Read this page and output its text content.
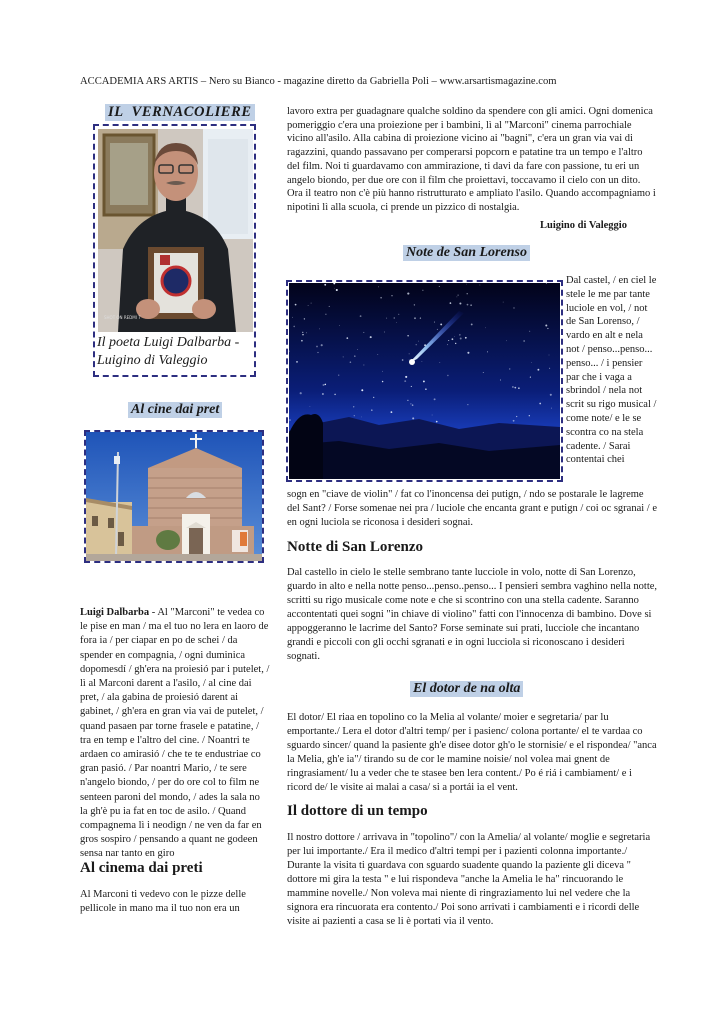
ACCADEMIA ARS ARTIS – Nero su Bianco - magazine diretto da Gabriella Poli – www.arsartismagazine.com
IL  VERNACOLIERE
SHOT ON REDMI 7
Il poeta Luigi Dalbarba -
Luigino di Valeggio
Al cine dai pret

Luigi Dalbarba - Al "Marconi" te vedea co le pise en man / ma el tuo no lera en laoro de fora ia / per ciapar en po de schei / da spender en compagnia, / ogni duminica dopomesdí / gh'era na proiesió par i putelet, / lì al Marconi darent a l'asilo, / al cine dai pret, / ala gabina de proiesió darent ai gabinet, / gh'era en gran via vai de putelet, / quand pasaen par torne frasele e patatine, / tra en temp e l'altro del cine. / Noantri te ardaen co amirasió / che te te endustriae co gran pasió. / Par noantri Mario, / te sere n'angelo biondo, / per do ore col to film ne senteen paroni del mondo, / ades la sala no la gh'è pu ia fat en toc de asilo. / Quand compagnema lì i neodign / ne ven da far en gros sospiro / pensando a quant ne godeen sensa nar tanto en giro

Al cinema dai preti
Al Marconi ti vedevo con le pizze delle pellicole in mano ma il tuo non era un
lavoro extra per guadagnare qualche soldino da spendere con gli amici. Ogni domenica pomeriggio c'era una proiezione per i bambini, lì al "Marconi" cinema parrochiale vicino all'asilo. Alla cabina di proiezione vicino ai "bagni", c'era un gran via vai di ragazzini, quando passavano per comperarsi popcorn e patatine tra un tempo e l'altro del film. Noi ti guardavamo con ammirazione, ti davi da fare con passione, tu eri un angelo biondo, per due ore con il film che proiettavi, toccavamo il cielo con un dito. Ora il teatro non c'è più hanno ristrutturato e ampliato l'asilo. Quando accompagniamo i nipotini lì alla scuola, ci prende un pizzico di nostalgia.
Luigino di Valeggio
Note de San Lorenso
Dal castel, / en ciel le stele le me par tante luciole en vol, / not de San Lorenso, / vardo en alt e nela not / penso...penso... penso... / i pensier par che i vaga a sbrindol / nela not scrit su rigo musical / come note/ e le se scontra co na stela cadente. / Sarai contentai chei
sogn en "ciave de violin" / fat co l'inoncensa dei putign, / ndo se postarale le lagreme del Sant? / Forse somenae nei pra / luciole che encanta grant e putign / coi oc sgranai / e en ogni luciola se riconosa i desideri sognai.
Notte di San Lorenzo
Dal castello in cielo le stelle sembrano tante lucciole in volo, notte di San Lorenzo, guardo in alto e nella notte penso...penso..penso... I pensieri sembra vaghino nella notte, scritti su rigo musicale come note e che si scontrino con una stella cadente. Saranno accontentati quei sogni "in chiave di violino" fatti con l'innocenza di bambino. Dove si appoggeranno le lacrime del Santo? Forse seminate sui prati, lucciole che incantano grandi e piccoli con gli occhi sgranati e in ogni lucciola si riconoscano i desideri sognati.
El dotor de na olta
El dotor/ El riaa en topolino co la Melia al volante/ moier e segretaria/ par lu emportante./ Lera el dotor d'altri temp/ per i pasienc/ colona portante/ el te vardaa co sguardo sincer/ quand la pasiente gh'e disee dotor gh'o le stornisie/ e el rispondea/ "anca la Melia, gh'e ia"/ tirando su de cor le mamine noisie/ nol volea mai gnent de ringrasiament/ lu a veder che te stasee ben lera content./ Po é riá i cambiament/ e i ricord de/ le visite ai malai a casa/ si a portái ia el vent.
Il dottore di un tempo
Il nostro dottore / arrivava in "topolino"/ con la Amelia/ al volante/ moglie e segretaria per lui importante./ Era il medico d'altri tempi per i pazienti colonna importante./ Durante la visita ti guardava con sguardo suadente quando la paziente gli diceva " dottore mi gira la testa " e lui rispondeva "anche la Amelia le ha" rincuorando le mammine novelle./ Non voleva mai niente di ringraziamento lui nel vedere che la signora era rincuorata era contento./ Poi sono arrivati i cambiamenti e i ricordi delle visite ai pazienti a casa se li è portati via il vento.
